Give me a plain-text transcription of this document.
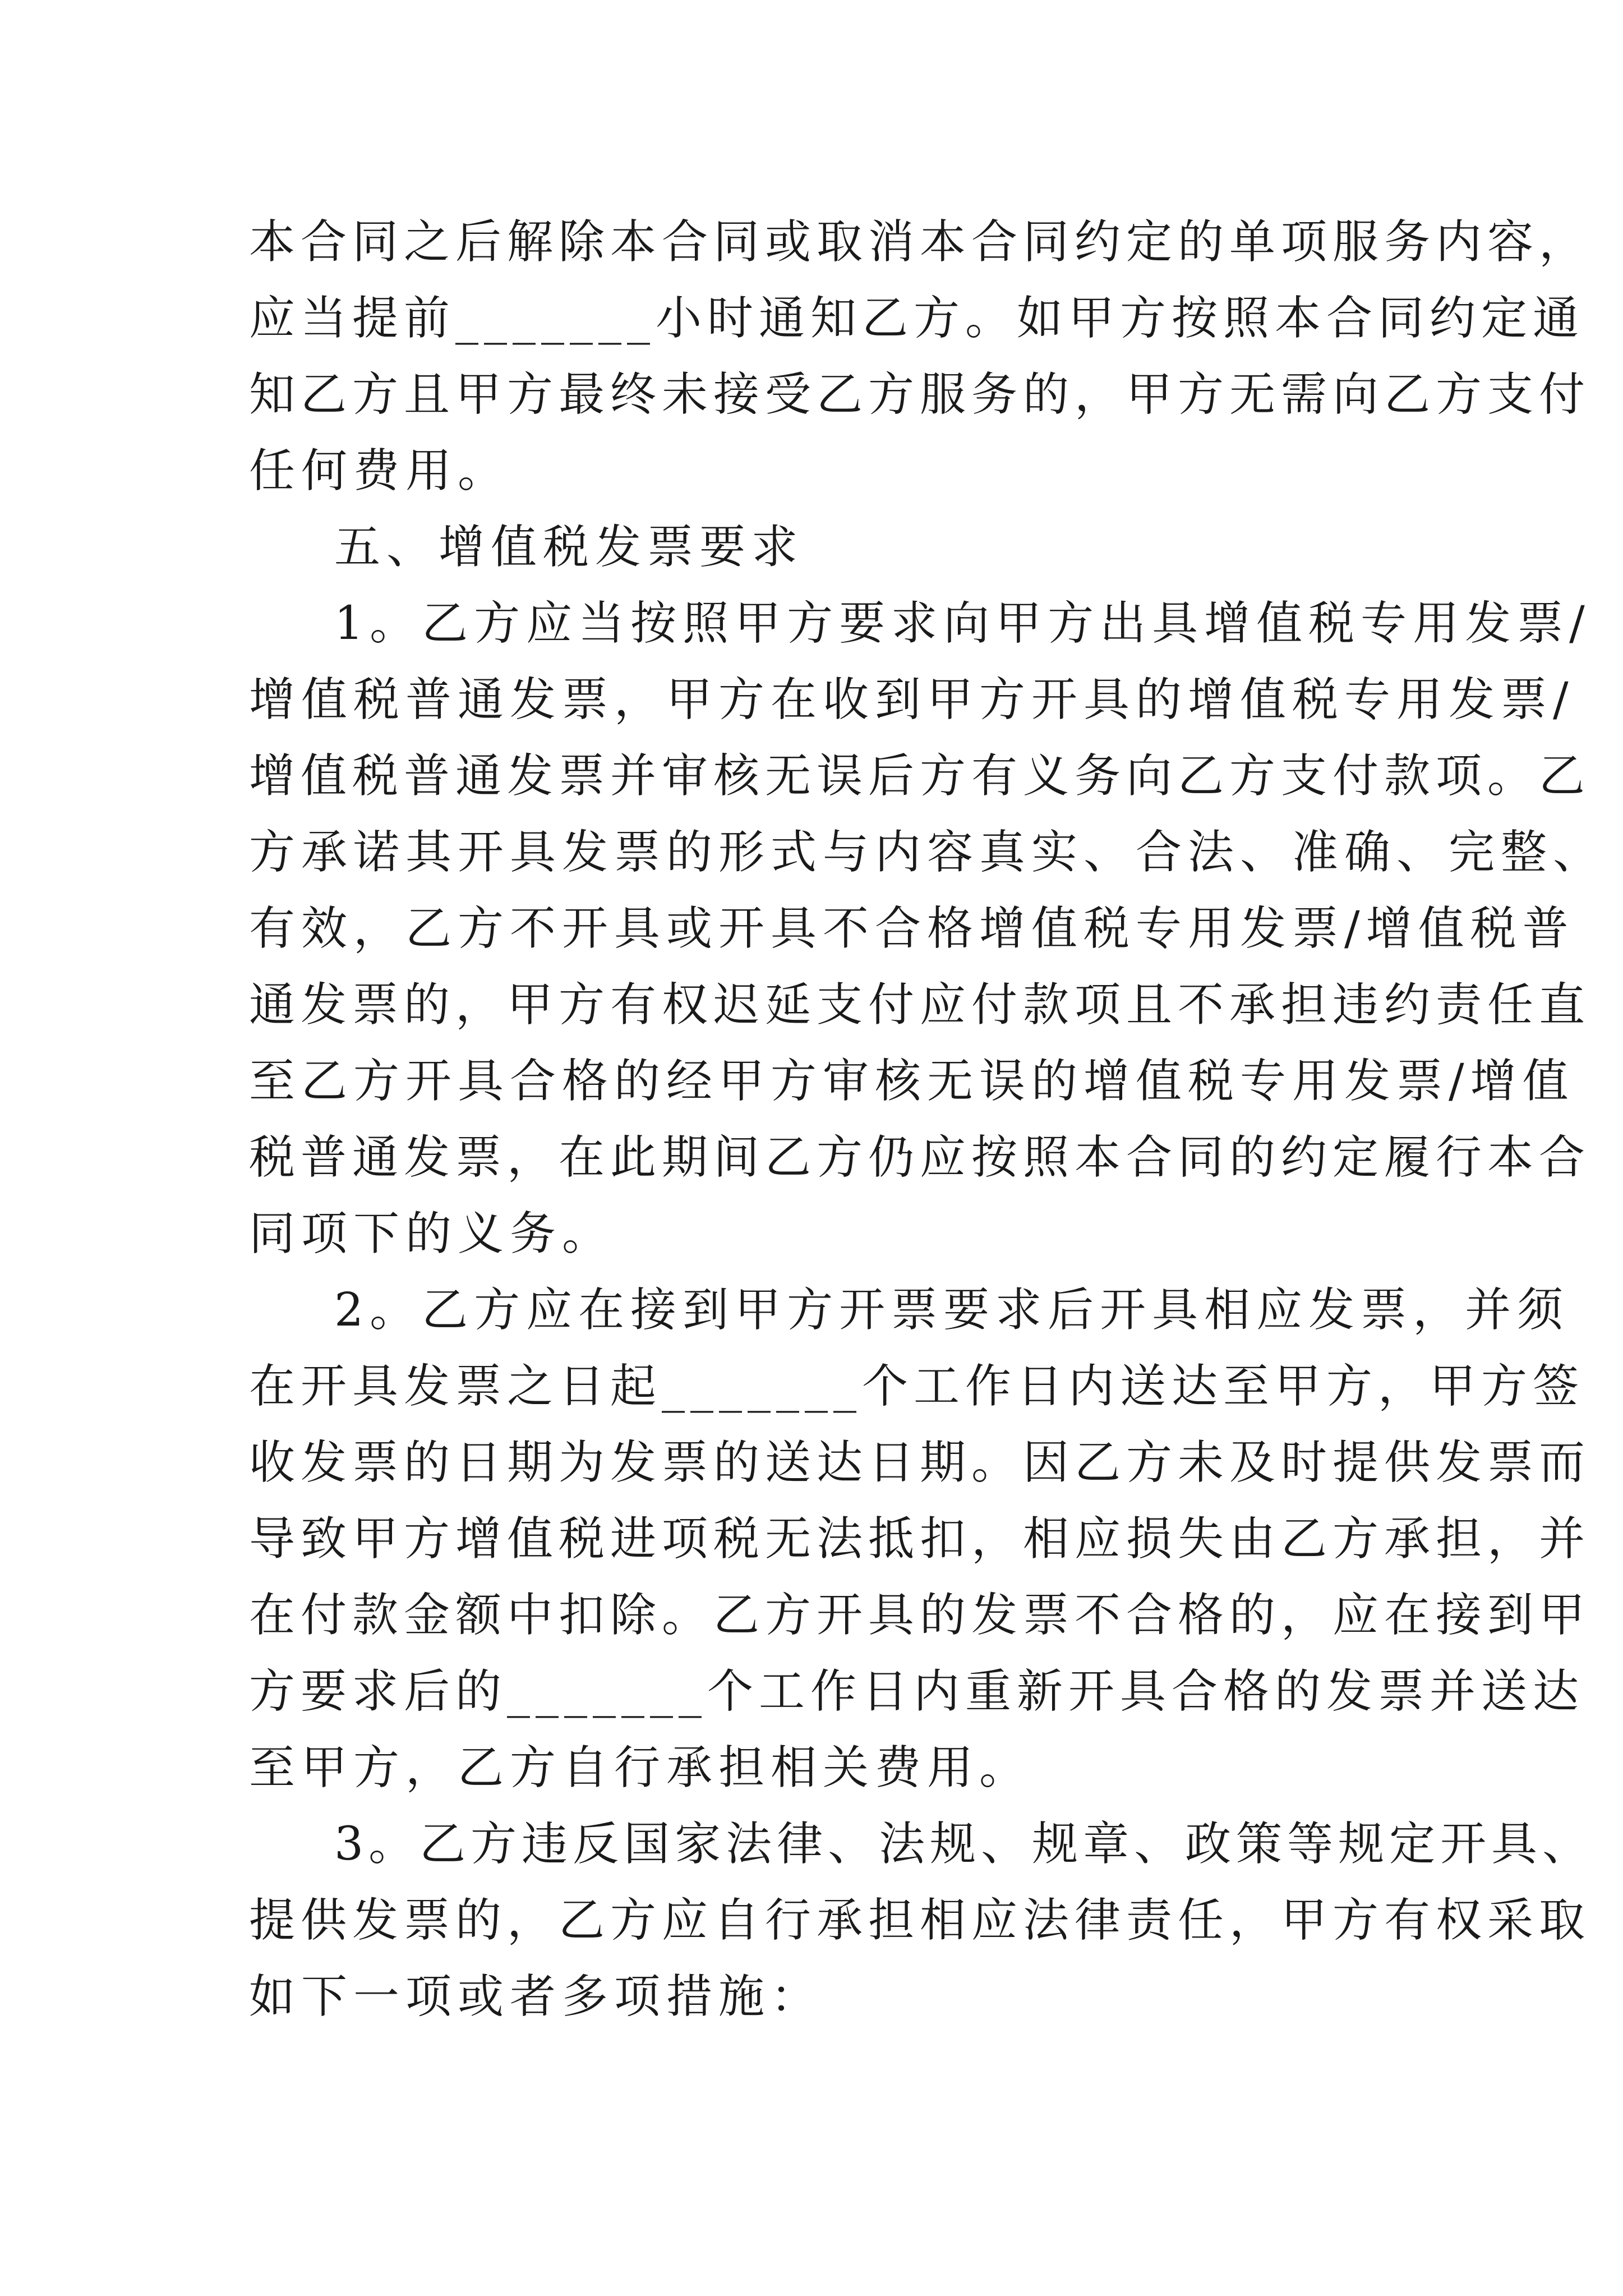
本合同之后解除本合同或取消本合同约定的单项服务内容，
应当提前_______小时通知乙方。如甲方按照本合同约定通
知乙方且甲方最终未接受乙方服务的，甲方无需向乙方支付
任何费用。
五、增值税发票要求
1。乙方应当按照甲方要求向甲方出具增值税专用发票/
增值税普通发票，甲方在收到甲方开具的增值税专用发票/
增值税普通发票并审核无误后方有义务向乙方支付款项。乙
方承诺其开具发票的形式与内容真实、合法、准确、完整、
有效，乙方不开具或开具不合格增值税专用发票/增值税普
通发票的，甲方有权迟延支付应付款项且不承担违约责任直
至乙方开具合格的经甲方审核无误的增值税专用发票/增值
税普通发票，在此期间乙方仍应按照本合同的约定履行本合
同项下的义务。
2。乙方应在接到甲方开票要求后开具相应发票，并须
在开具发票之日起_______个工作日内送达至甲方，甲方签
收发票的日期为发票的送达日期。因乙方未及时提供发票而
导致甲方增值税进项税无法抵扣，相应损失由乙方承担，并
在付款金额中扣除。乙方开具的发票不合格的，应在接到甲
方要求后的_______个工作日内重新开具合格的发票并送达
至甲方，乙方自行承担相关费用。
3。乙方违反国家法律、法规、规章、政策等规定开具、
提供发票的，乙方应自行承担相应法律责任，甲方有权采取
如下一项或者多项措施：
